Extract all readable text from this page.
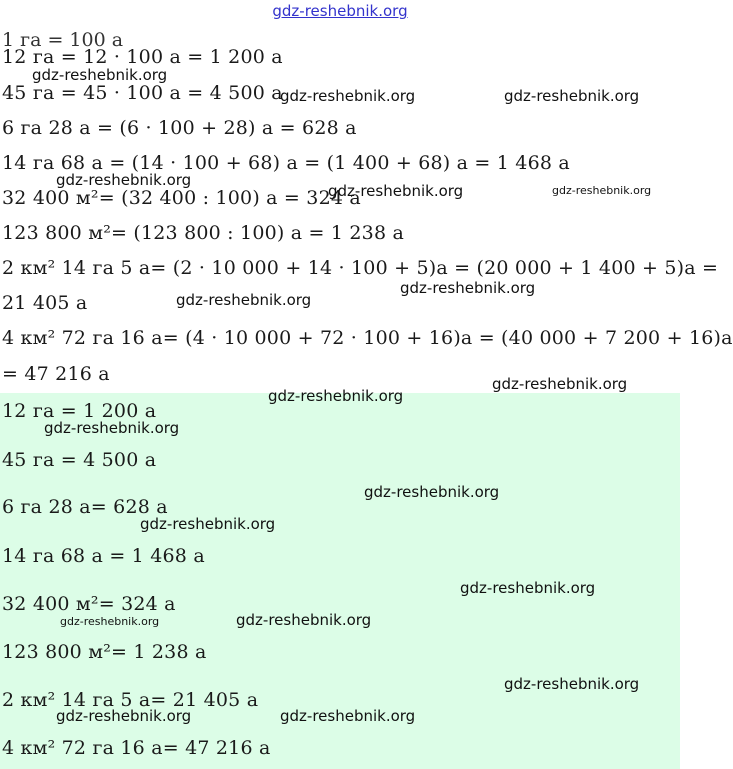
gdz-reshebnik.org
1 га = 100 а
12 га = 12 · 100 а = 1 200 а
45 га = 45 · 100 а = 4 500 а
6 га 28 а = (6 · 100 + 28) а = 628 а
14 га 68 а = (14 · 100 + 68) а = (1 400 + 68) а = 1 468 а
32 400 м²= (32 400 : 100) а = 324 а
123 800 м²= (123 800 : 100) а = 1 238 а
2 км² 14 га 5 а= (2 · 10 000 + 14 · 100 + 5)а = (20 000 + 1 400 + 5)а =
21 405 а
4 км² 72 га 16 а= (4 · 10 000 + 72 · 100 + 16)а = (40 000 + 7 200 + 16)а
= 47 216 а
12 га = 1 200 а
45 га = 4 500 а
6 га 28 а= 628 а
14 га 68 а = 1 468 а
32 400 м²= 324 а
123 800 м²= 1 238 а
2 км² 14 га 5 а= 21 405 а
4 км² 72 га 16 а= 47 216 а
gdz-reshebnik.org
gdz-reshebnik.org	gdz-reshebnik.org
gdz-reshebnik.org
gdz-reshebnik.org	gdz-reshebnik.org
gdz-reshebnik.org
gdz-reshebnik.org
gdz-reshebnik.org
gdz-reshebnik.org
gdz-reshebnik.org
gdz-reshebnik.org
gdz-reshebnik.org
gdz-reshebnik.org
gdz-reshebnik.org	gdz-reshebnik.org
gdz-reshebnik.org
gdz-reshebnik.org	gdz-reshebnik.org
